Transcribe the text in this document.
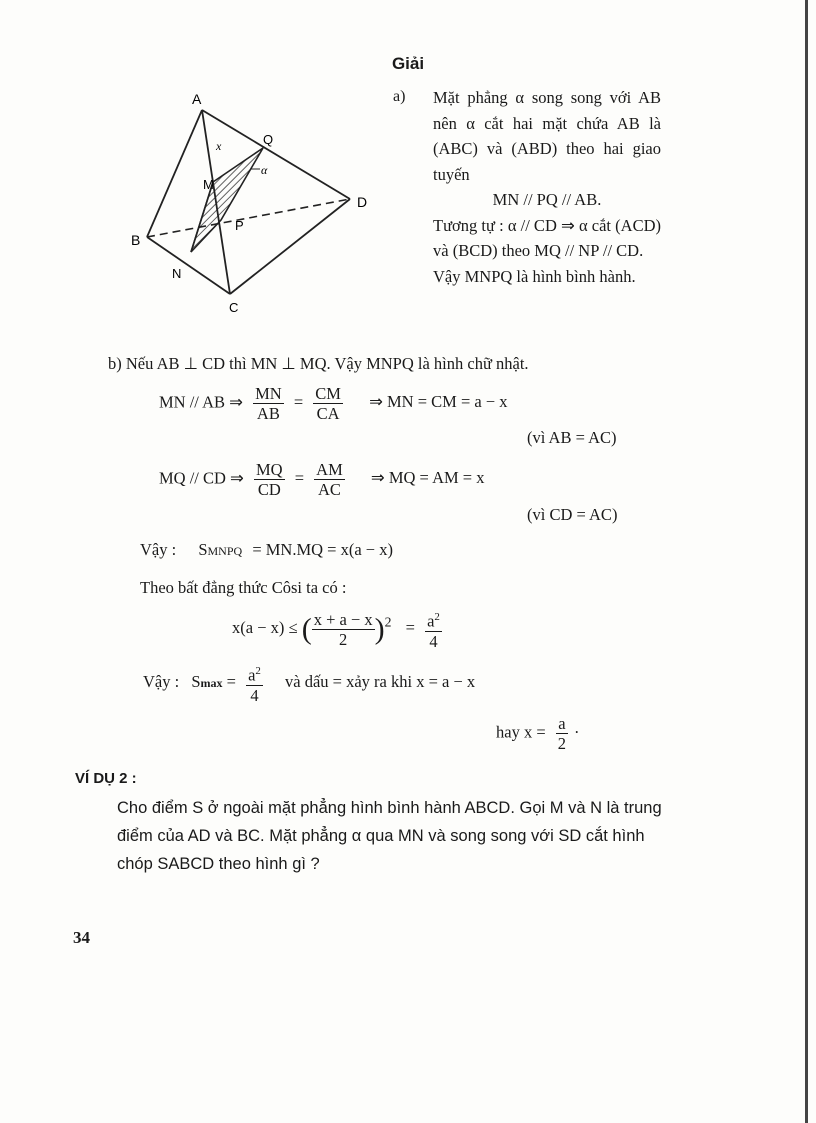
Giải
A
B
C
D
M
N
P
Q
x
α
a) Mặt phẳng α song song với AB nên α cắt hai mặt chứa AB là (ABC) và (ABD) theo hai giao tuyến

MN // PQ // AB.

Tương tự : α // CD ⇒ α cắt (ACD) và (BCD) theo MQ // NP // CD.

Vậy MNPQ là hình bình hành.

b) Nếu AB ⊥ CD thì MN ⊥ MQ. Vậy MNPQ là hình chữ nhật.
MN // AB ⇒ $\frac{MN}{AB} = \frac{CM}{CA}$ ⇒ MN = CM = a − x
(vì AB = AC)
MQ // CD ⇒ $\frac{MQ}{CD} = \frac{AM}{AC}$ ⇒ MQ = AM = x
(vì CD = AC)
Vậy : SMNPQ = MN.MQ = x(a − x)
Theo bất đẳng thức Côsi ta có :
x(a − x) ≤ ( $\frac{x + a - x}{2} )^2 = \frac{a^2}{4}$
Vậy : $Smax = \frac{a^2}{4}$ và dấu = xảy ra khi x = a − x
hay $x = \frac{a}{2}$ ·
VÍ DỤ 2 :
Cho điểm S ở ngoài mặt phẳng hình bình hành ABCD. Gọi M và N là trung điểm của AD và BC. Mặt phẳng α qua MN và song song với SD cắt hình chóp SABCD theo hình gì ?
34
